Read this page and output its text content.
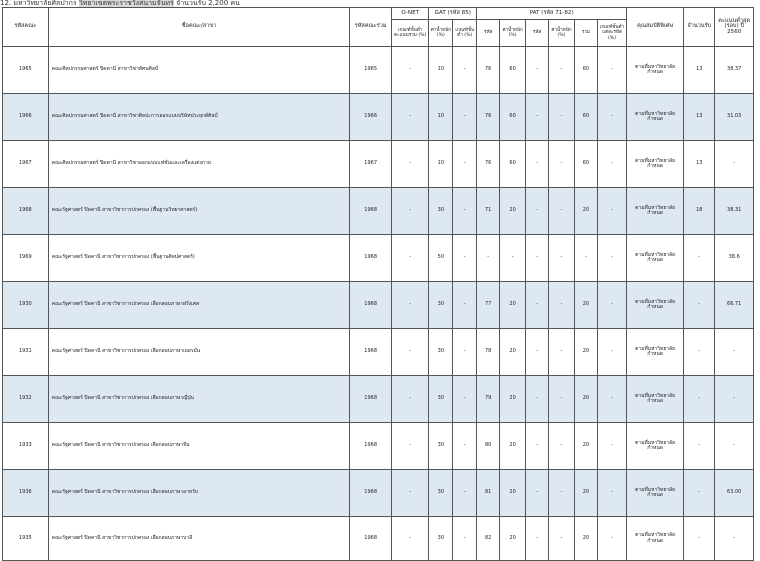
12. มหาวิทยาลัยศิลปากร วิทยาเขตพระราชวังสนามจันทร์ จำนวนรับ 2,200 คน
รหัสคณะ	ชื่อคณะ/สาขา	รหัสคณะร่วม	O-NET	GAT (รหัส 85)		PAT (รหัส 71-82)						คุณสมบัติพิเศษ	จำนวนรับ	คะแนนต่ำสุด (รอบ) ปี 2560
			เกณฑ์ขั้นต่ำคะแนนรวม (%)	ค่าน้ำหนัก (%)	เกณฑ์ขั้นต่ำ (%)	รหัส	ค่าน้ำหนัก (%)	รหัส	ค่าน้ำหนัก (%)	รวม	เกณฑ์ขั้นต่ำแต่ละรหัส (%)			
1965	คณะศิลปกรรมศาสตร์ ปิดคานี สาขาวิชาทัศนศิลป์	1965	-	10	-	76	60	-	-	60	-	ตามที่มหาวิทยาลัยกำหนด	13	38.37
1966	คณะศิลปกรรมศาสตร์ ปิดคานี สาขาวิชาศิลปะการออกแบบบริษัทประยุกต์ศิลป์	1966	-	10	-	76	60	-	-	60	-	ตามที่มหาวิทยาลัยกำหนด	13	31.03
1967	คณะศิลปกรรมศาสตร์ ปิดคานี สาขาวิชาออกแบบแฟชั่นและเครื่องแต่งกาย	1967	-	10	-	76	60	-	-	60	-	ตามที่มหาวิทยาลัยกำหนด	13	-
1968	คณะรัฐศาสตร์ ปิดคานี สาขาวิชาการปกครอง (พื้นฐานวิทยาศาสตร์)	1968	-	30	-	71	20	-	-	20	-	ตามที่มหาวิทยาลัยกำหนด	18	38.31
1969	คณะรัฐศาสตร์ ปิดคานี สาขาวิชาการปกครอง (พื้นฐานศิลปศาสตร์)	1968	-	50	-	-	-	-	-	-	-	ตามที่มหาวิทยาลัยกำหนด	-	38.6
1930	คณะรัฐศาสตร์ ปิดคานี สาขาวิชาการปกครอง เลือกสอบภาษาฝรั่งเศส	1968	-	30	-	77	20	-	-	20	-	ตามที่มหาวิทยาลัยกำหนด	-	66.71
1931	คณะรัฐศาสตร์ ปิดคานี สาขาวิชาการปกครอง เลือกสอบภาษาเยอรมัน	1968	-	30	-	78	20	-	-	20	-	ตามที่มหาวิทยาลัยกำหนด	-	-
1932	คณะรัฐศาสตร์ ปิดคานี สาขาวิชาการปกครอง เลือกสอบภาษาญี่ปุ่น	1968	-	30	-	79	20	-	-	20	-	ตามที่มหาวิทยาลัยกำหนด	-	-
1933	คณะรัฐศาสตร์ ปิดคานี สาขาวิชาการปกครอง เลือกสอบภาษาจีน	1968	-	30	-	80	20	-	-	20	-	ตามที่มหาวิทยาลัยกำหนด	-	-
1936	คณะรัฐศาสตร์ ปิดคานี สาขาวิชาการปกครอง เลือกสอบภาษาอาหรับ	1968	-	30	-	81	20	-	-	20	-	ตามที่มหาวิทยาลัยกำหนด	-	63.00
1935	คณะรัฐศาสตร์ ปิดคานี สาขาวิชาการปกครอง เลือกสอบภาษาบาลี	1968	-	30	-	82	20	-	-	20	-	ตามที่มหาวิทยาลัยกำหนด	-	-
